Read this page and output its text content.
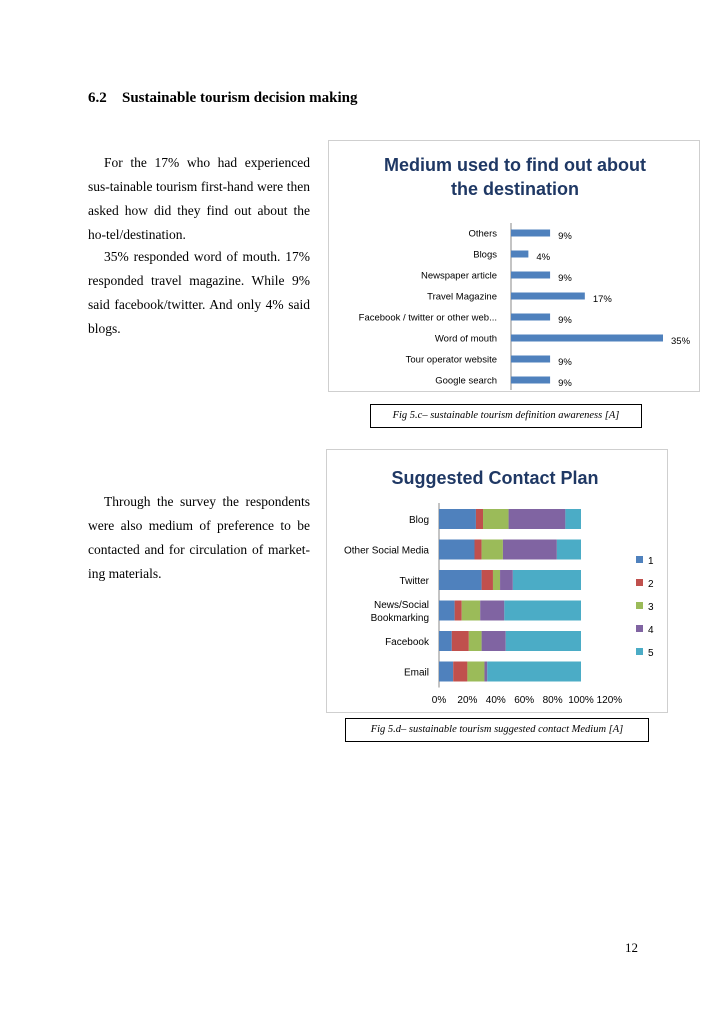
6.2 Sustainable tourism decision making
For the 17% who had experienced sus-tainable tourism first-hand were then asked how did they find out about the ho-tel/destination.
35% responded word of mouth. 17% responded travel magazine. While 9% said facebook/twitter. And only 4% said blogs.
Through the survey the respondents were also medium of preference to be contacted and for circulation of market-ing materials.
Medium used to find out about
the destination
Others	9%
Blogs	4%
Newspaper article	9%
Travel Magazine	17%
Facebook / twitter or other web...	9%
Word of mouth	35%
Tour operator website	9%
Google search	9%
Fig 5.c– sustainable tourism definition awareness [A]
Suggested Contact Plan
Blog
Other Social Media
Twitter
News/Social
Bookmarking
Facebook
Email
0% 20% 40% 60% 80% 100% 120%
1
2
3
4
5
Fig 5.d– sustainable tourism suggested contact Medium [A]
12
